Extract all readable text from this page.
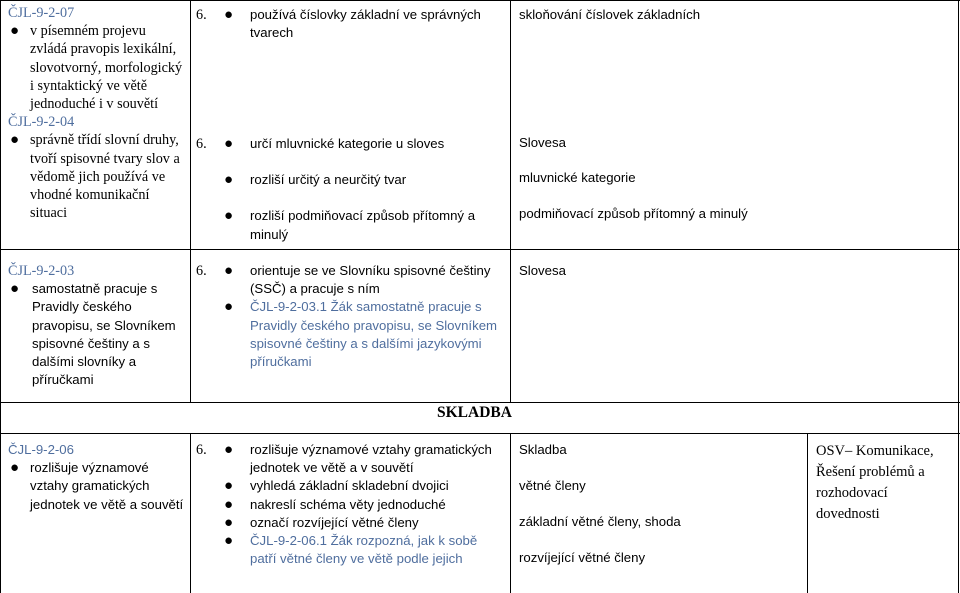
ČJL-9-2-07
● v písemném projevu zvládá pravopis lexikální, slovotvorný, morfologický i syntaktický ve větě jednoduché i v souvětí
ČJL-9-2-04
● správně třídí slovní druhy, tvoří spisovné tvary slov a vědomě jich používá ve vhodné komunikační situaci
6. ● používá číslovky základní ve správných tvarech
6. ● určí mluvnické kategorie u sloves
● rozliší určitý a neurčitý tvar
● rozliší podmiňovací způsob přítomný a minulý
skloňování číslovek základních
Slovesa
mluvnické kategorie
podmiňovací způsob přítomný a minulý
ČJL-9-2-03
● samostatně pracuje s Pravidly českého pravopisu, se Slovníkem spisovné češtiny a s dalšími slovníky a příručkami
6. ● orientuje se ve Slovníku spisovné češtiny (SSČ) a pracuje s ním
● ČJL-9-2-03.1 Žák samostatně pracuje s Pravidly českého pravopisu, se Slovníkem spisovné češtiny a s dalšími jazykovými příručkami
Slovesa
SKLADBA
ČJL-9-2-06
● rozlišuje významové vztahy gramatických jednotek ve větě a souvětí
6. ● rozlišuje významové vztahy gramatických jednotek ve větě a v souvětí
● vyhledá základní skladební dvojici
● nakreslí schéma věty jednoduché
● označí rozvíjející větné členy
● ČJL-9-2-06.1 Žák rozpozná, jak k sobě patří větné členy ve větě podle jejich
Skladba
větné členy
základní větné členy, shoda
rozvíjející větné členy
OSV– Komunikace, Řešení problémů a rozhodovací dovednosti
